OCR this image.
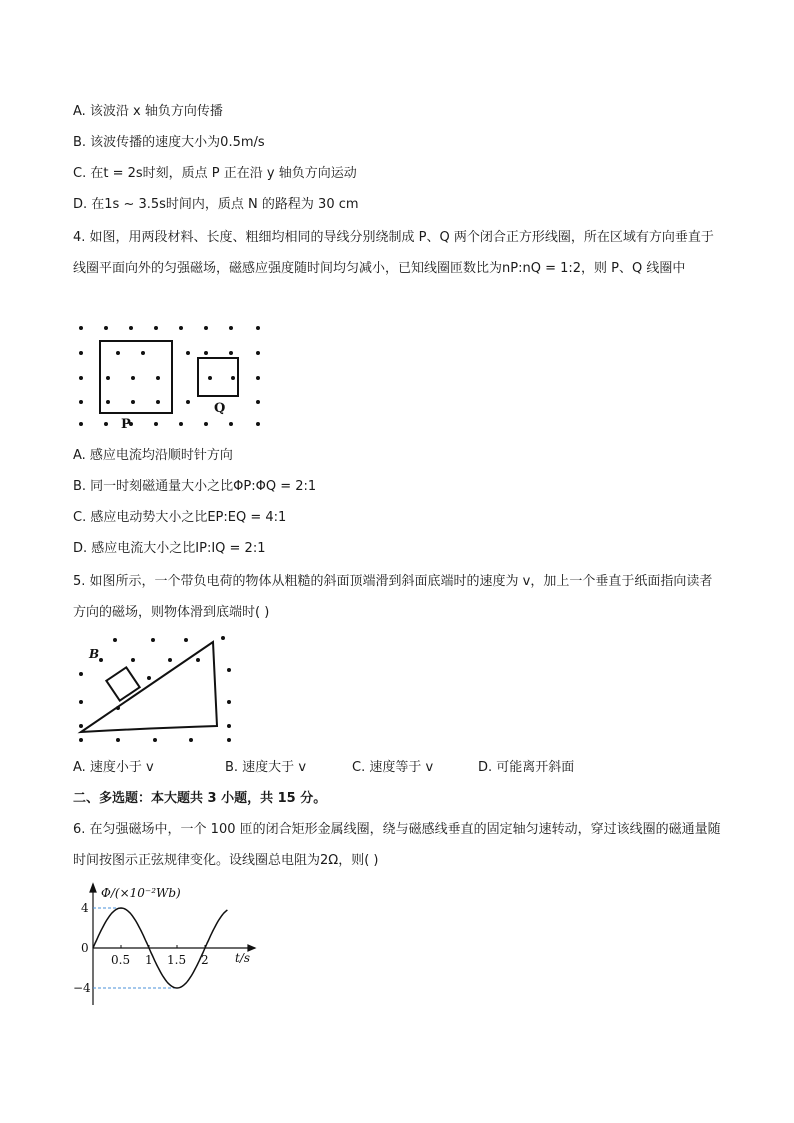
A. 该波沿 x 轴负方向传播
B. 该波传播的速度大小为0.5m/s
C. 在t = 2s时刻，质点 P 正在沿 y 轴负方向运动
D. 在1s ~ 3.5s时间内，质点 N 的路程为 30 cm
4. 如图，用两段材料、长度、粗细均相同的导线分别绕制成 P、Q 两个闭合正方形线圈，所在区域有方向垂直于线圈平面向外的匀强磁场，磁感应强度随时间均匀减小，已知线圈匝数比为nP:nQ = 1:2，则 P、Q 线圈中
P
Q
A. 感应电流均沿顺时针方向
B. 同一时刻磁通量大小之比ΦP:ΦQ = 2:1
C. 感应电动势大小之比EP:EQ = 4:1
D. 感应电流大小之比IP:IQ = 2:1
5. 如图所示，一个带负电荷的物体从粗糙的斜面顶端滑到斜面底端时的速度为 v，加上一个垂直于纸面指向读者方向的磁场，则物体滑到底端时( )
B
A. 速度小于 v	B. 速度大于 v	C. 速度等于 v	D. 可能离开斜面
二、多选题：本大题共 3 小题，共 15 分。
6. 在匀强磁场中，一个 100 匝的闭合矩形金属线圈，绕与磁感线垂直的固定轴匀速转动，穿过该线圈的磁通量随时间按图示正弦规律变化。设线圈总电阻为2Ω，则( )
0.5 1 1.5 2
Φ/(×10⁻²Wb)
t/s
4
0
−4
